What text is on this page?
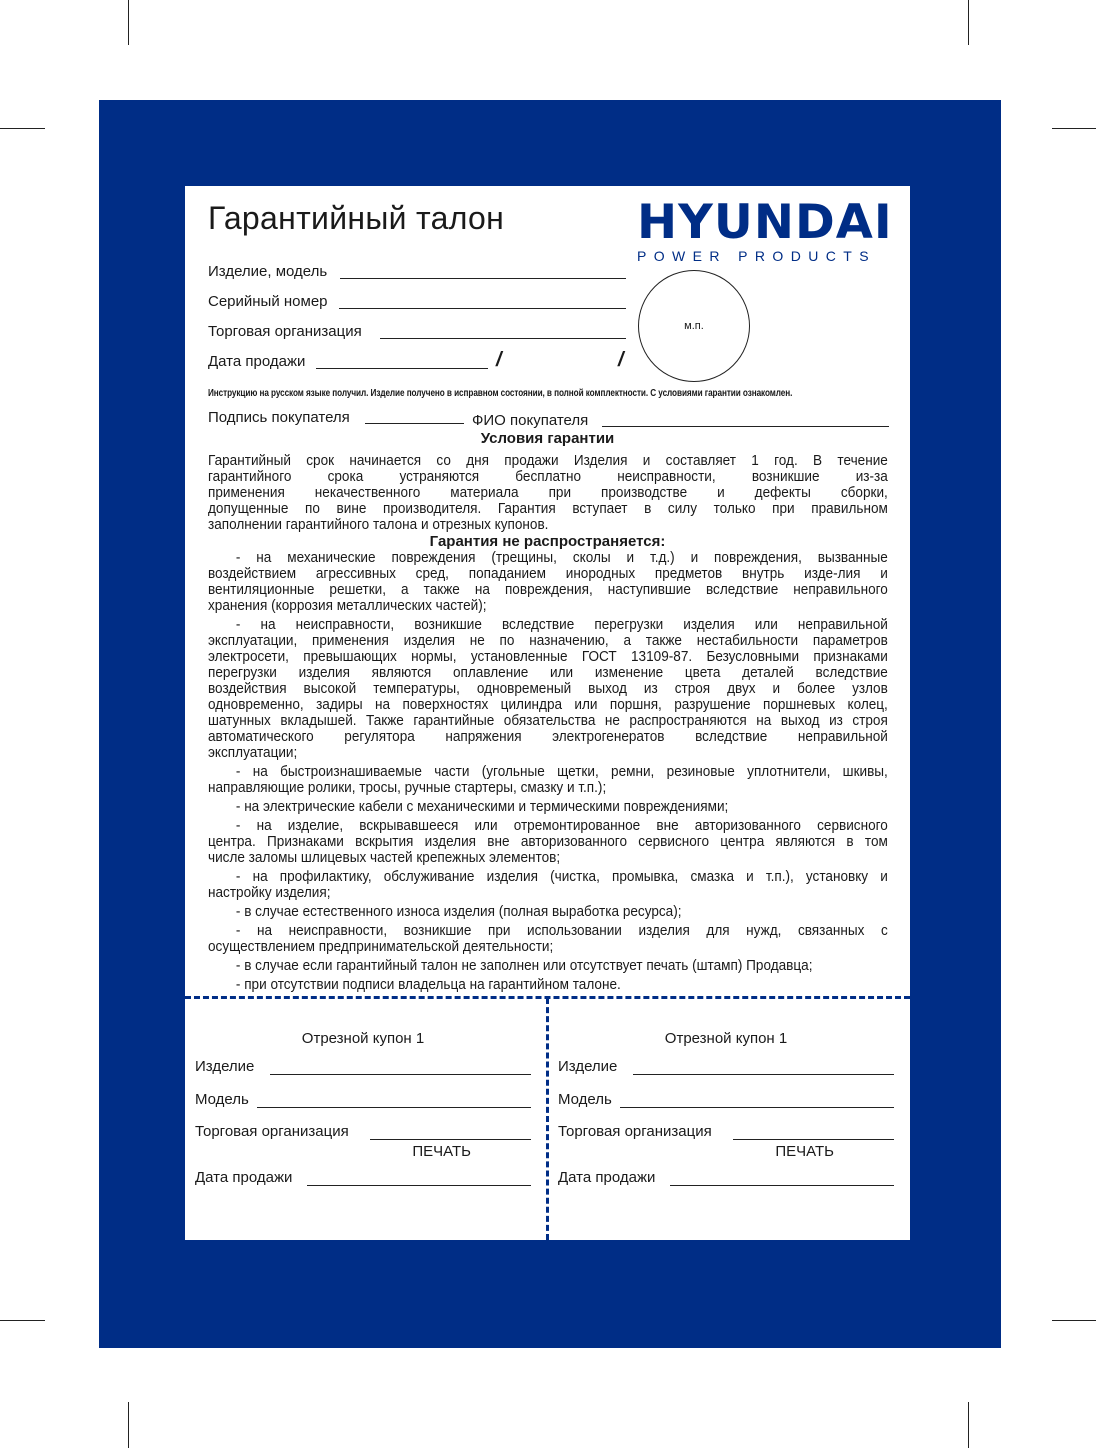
Гарантийный талон	HYUNDAI
POWER PRODUCTS
Изделие, модель
Серийный номер
Торговая организация
Дата продажи	/	/
м.п.
Инструкцию на русском языке получил. Изделие получено в исправном состоянии, в полной комплектности. С условиями гарантии ознакомлен.
Подпись покупателя	ФИО покупателя
Условия гарантии
Гарантийный срок начинается со дня продажи Изделия и составляет 1 год. В течение
гарантийного срока устраняются бесплатно неисправности, возникшие из-за
применения некачественного материала при производстве и дефекты сборки,
допущенные по вине производителя. Гарантия вступает в силу только при правильном
заполнении гарантийного талона и отрезных купонов.
Гарантия не распространяется:
- на механические повреждения (трещины, сколы и т.д.) и повреждения, вызванные
воздействием агрессивных сред, попаданием инородных предметов внутрь изде-лия и
вентиляционные решетки, а также на повреждения, наступившие вследствие неправильного
хранения (коррозия металлических частей);
- на неисправности, возникшие вследствие перегрузки изделия или неправильной
эксплуатации, применения изделия не по назначению, а также нестабильности параметров
электросети, превышающих нормы, установленные ГОСТ 13109-87. Безусловными признаками
перегрузки изделия являются оплавление или изменение цвета деталей вследствие
воздействия высокой температуры, одновременый выход из строя двух и более узлов
одновременно, задиры на поверхностях цилиндра или поршня, разрушение поршневых колец,
шатунных вкладышей. Также гарантийные обязательства не распространяются на выход из строя
автоматического регулятора напряжения электрогенератов вследствие неправильной
эксплуатации;
- на быстроизнашиваемые части (угольные щетки, ремни, резиновые уплотнители, шкивы,
направляющие ролики, тросы, ручные стартеры, смазку и т.п.);
- на электрические кабели с механическими и термическими повреждениями;
- на изделие, вскрывавшееся или отремонтированное вне авторизованного сервисного
центра. Признаками вскрытия изделия вне авторизованного сервисного центра являются в том
числе заломы шлицевых частей крепежных элементов;
- на профилактику, обслуживание изделия (чистка, промывка, смазка и т.п.), установку и
настройку изделия;
- в случае естественного износа изделия (полная выработка ресурса);
- на неисправности, возникшие при использовании изделия для нужд, связанных с
осуществлением предпринимательской деятельности;
- в случае если гарантийный талон не заполнен или отсутствует печать (штамп) Продавца;
- при отсутствии подписи владельца на гарантийном талоне.
Отрезной купон 1
Изделие
Модель
Торговая организация
Дата продажи
ПЕЧАТЬ
Отрезной купон 1
Изделие
Модель
Торговая организация
Дата продажи
ПЕЧАТЬ
